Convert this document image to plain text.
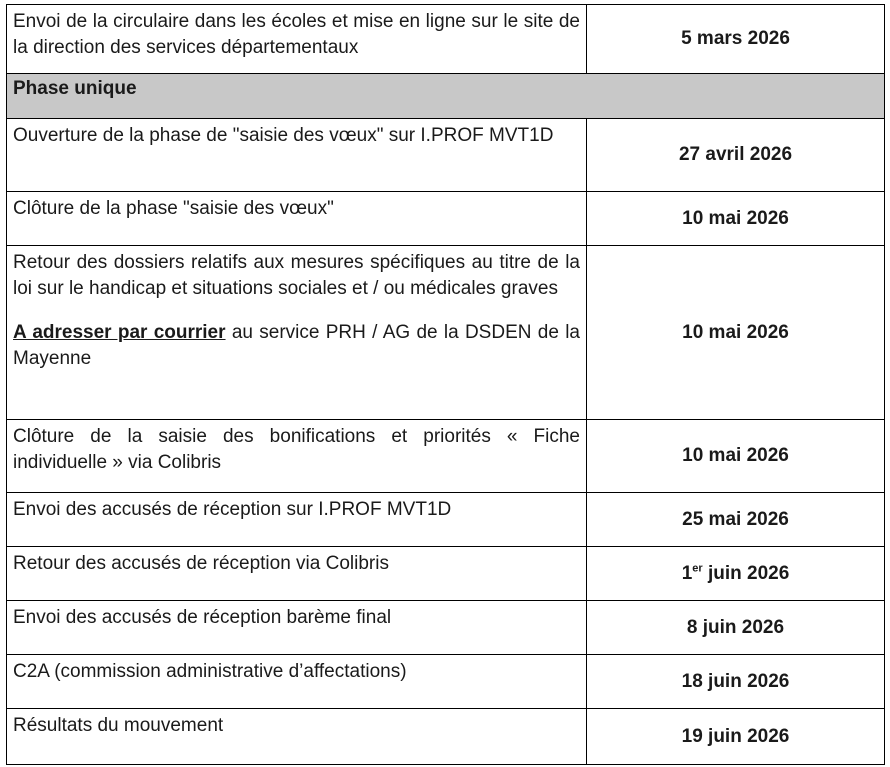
Envoi de la circulaire dans les écoles et mise en ligne sur le site de la direction des services départementaux	5 mars 2026
Phase unique	
Ouverture de la phase de "saisie des vœux" sur I.PROF MVT1D	27 avril 2026
Clôture de la phase "saisie des vœux"	10 mai 2026

Retour des dossiers relatifs aux mesures spécifiques au titre de la loi sur le handicap et situations sociales et / ou médicales graves
A adresser par courrier au service PRH / AG de la DSDEN de la Mayenne	10 mai 2026
Clôture de la saisie des bonifications et priorités « Fiche individuelle » via Colibris	10 mai 2026
Envoi des accusés de réception sur I.PROF MVT1D	25 mai 2026
Retour des accusés de réception via Colibris	1er juin 2026
Envoi des accusés de réception barème final	8 juin 2026
C2A (commission administrative d’affectations)	18 juin 2026
Résultats du mouvement	19 juin 2026
